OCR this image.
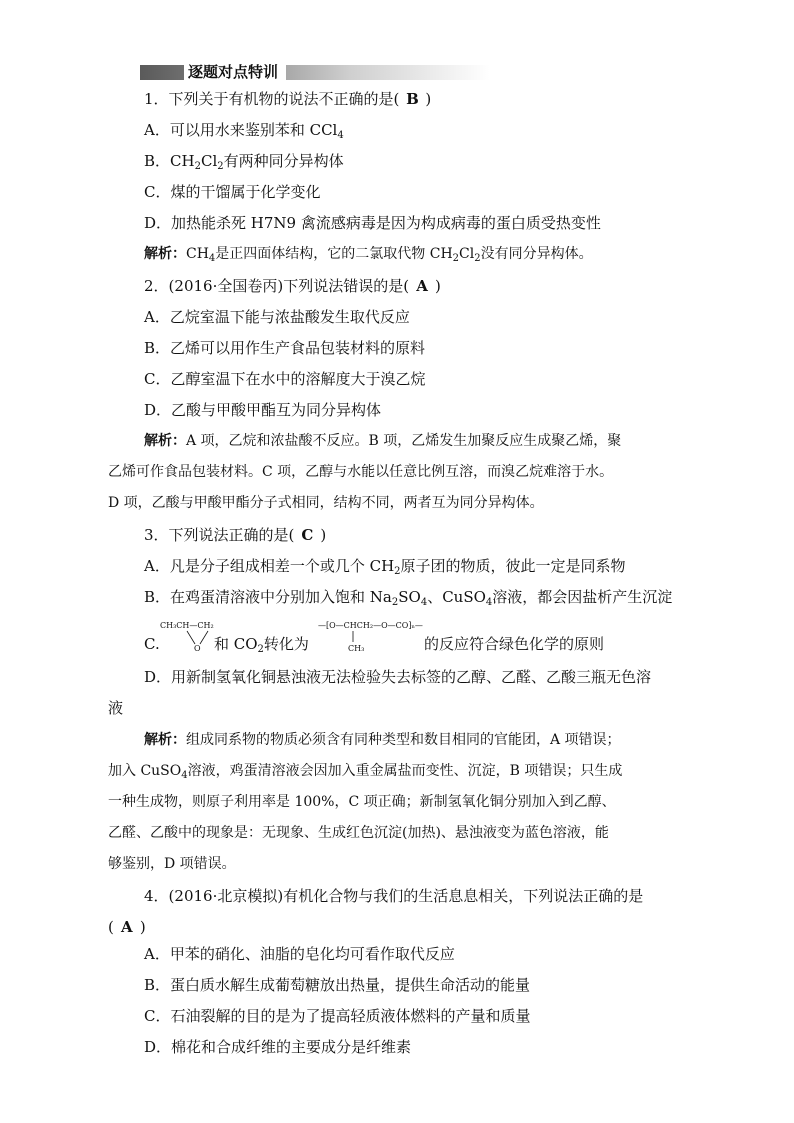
逐题对点特训
1．下列关于有机物的说法不正确的是( B )
A．可以用水来鉴别苯和 CCl$_4$
B．$CH_2Cl_2$有两种同分异构体
C．煤的干馏属于化学变化
D．加热能杀死 H7N9 禽流感病毒是因为构成病毒的蛋白质受热变性
解析：$CH_4$是正四面体结构，它的二氯取代物 $CH_2Cl_2$没有同分异构体。
2．(2016·全国卷丙)下列说法错误的是( A )
A．乙烷室温下能与浓盐酸发生取代反应
B．乙烯可以用作生产食品包装材料的原料
C．乙醇室温下在水中的溶解度大于溴乙烷
D．乙酸与甲酸甲酯互为同分异构体
解析：A 项，乙烷和浓盐酸不反应。B 项，乙烯发生加聚反应生成聚乙烯，聚
乙烯可作食品包装材料。C 项，乙醇与水能以任意比例互溶，而溴乙烷难溶于水。
D 项，乙酸与甲酸甲酯分子式相同，结构不同，两者互为同分异构体。
3．下列说法正确的是( C )
A．凡是分子组成相差一个或几个 $CH_2$原子团的物质，彼此一定是同系物
B．在鸡蛋清溶液中分别加入饱和 $Na_2SO_4$、CuSO$_4$溶液，都会因盐析产生沉淀
C.
CH₃CH—CH₂
O 和 $CO_2$转化为
—[O—CHCH₂—O—CO]ₙ—
CH₃	的反应符合绿色化学的原则
D．用新制氢氧化铜悬浊液无法检验失去标签的乙醇、乙醛、乙酸三瓶无色溶
液
解析：组成同系物的物质必须含有同种类型和数目相同的官能团，A 项错误；
加入 CuSO$_4$溶液，鸡蛋清溶液会因加入重金属盐而变性、沉淀，B 项错误；只生成
一种生成物，则原子利用率是 100%，C 项正确；新制氢氧化铜分别加入到乙醇、
乙醛、乙酸中的现象是：无现象、生成红色沉淀(加热)、悬浊液变为蓝色溶液，能
够鉴别，D 项错误。
4．(2016·北京模拟)有机化合物与我们的生活息息相关，下列说法正确的是
( A )
A．甲苯的硝化、油脂的皂化均可看作取代反应
B．蛋白质水解生成葡萄糖放出热量，提供生命活动的能量
C．石油裂解的目的是为了提高轻质液体燃料的产量和质量
D．棉花和合成纤维的主要成分是纤维素
